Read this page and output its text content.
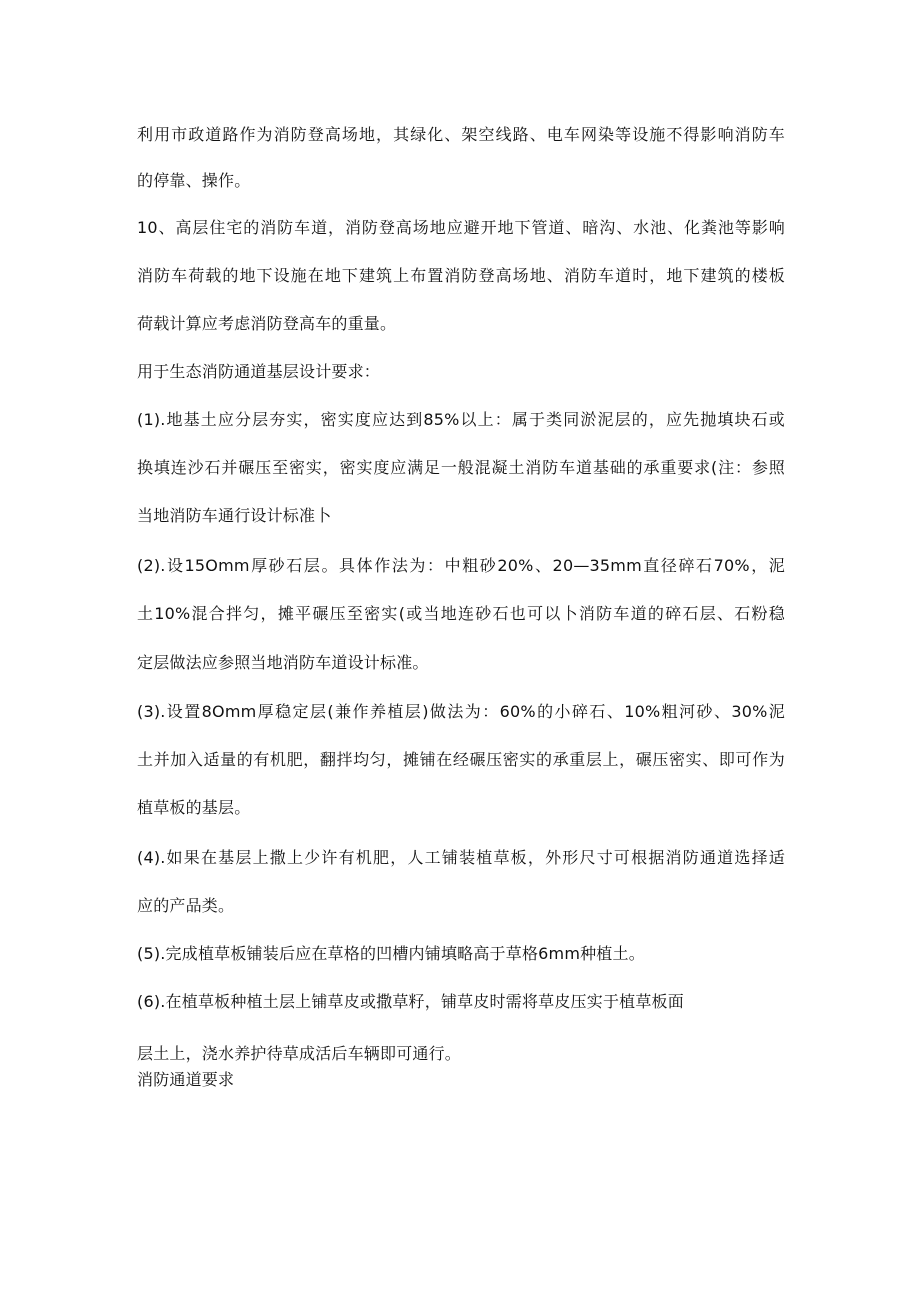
利用市政道路作为消防登高场地，其绿化、架空线路、电车网染等设施不得影响消防车

的停靠、操作。

10、高层住宅的消防车道，消防登高场地应避开地下管道、暗沟、水池、化粪池等影响

消防车荷载的地下设施在地下建筑上布置消防登高场地、消防车道时，地下建筑的楼板

荷载计算应考虑消防登高车的重量。

用于生态消防通道基层设计要求：

(1).地基土应分层夯实，密实度应达到85%以上：属于类同淤泥层的，应先抛填块石或

换填连沙石并碾压至密实，密实度应满足一般混凝土消防车道基础的承重要求(注：参照

当地消防车通行设计标准卜

(2).设15Omm厚砂石层。具体作法为：中粗砂20%、20—35mm直径碎石70%，泥

土10%混合拌匀，摊平碾压至密实(或当地连砂石也可以卜消防车道的碎石层、石粉稳

定层做法应参照当地消防车道设计标准。

(3).设置8Omm厚稳定层(兼作养植层)做法为：60%的小碎石、10%粗河砂、30%泥

土并加入适量的有机肥，翻拌均匀，摊铺在经碾压密实的承重层上，碾压密实、即可作为

植草板的基层。

(4).如果在基层上撒上少许有机肥，人工铺装植草板，外形尺寸可根据消防通道选择适

应的产品类。

(5).完成植草板铺装后应在草格的凹槽内铺填略高于草格6mm种植土。

(6).在植草板种植土层上铺草皮或撒草籽，铺草皮时需将草皮压实于植草板面

层土上，浇水养护待草成活后车辆即可通行。

消防通道要求
